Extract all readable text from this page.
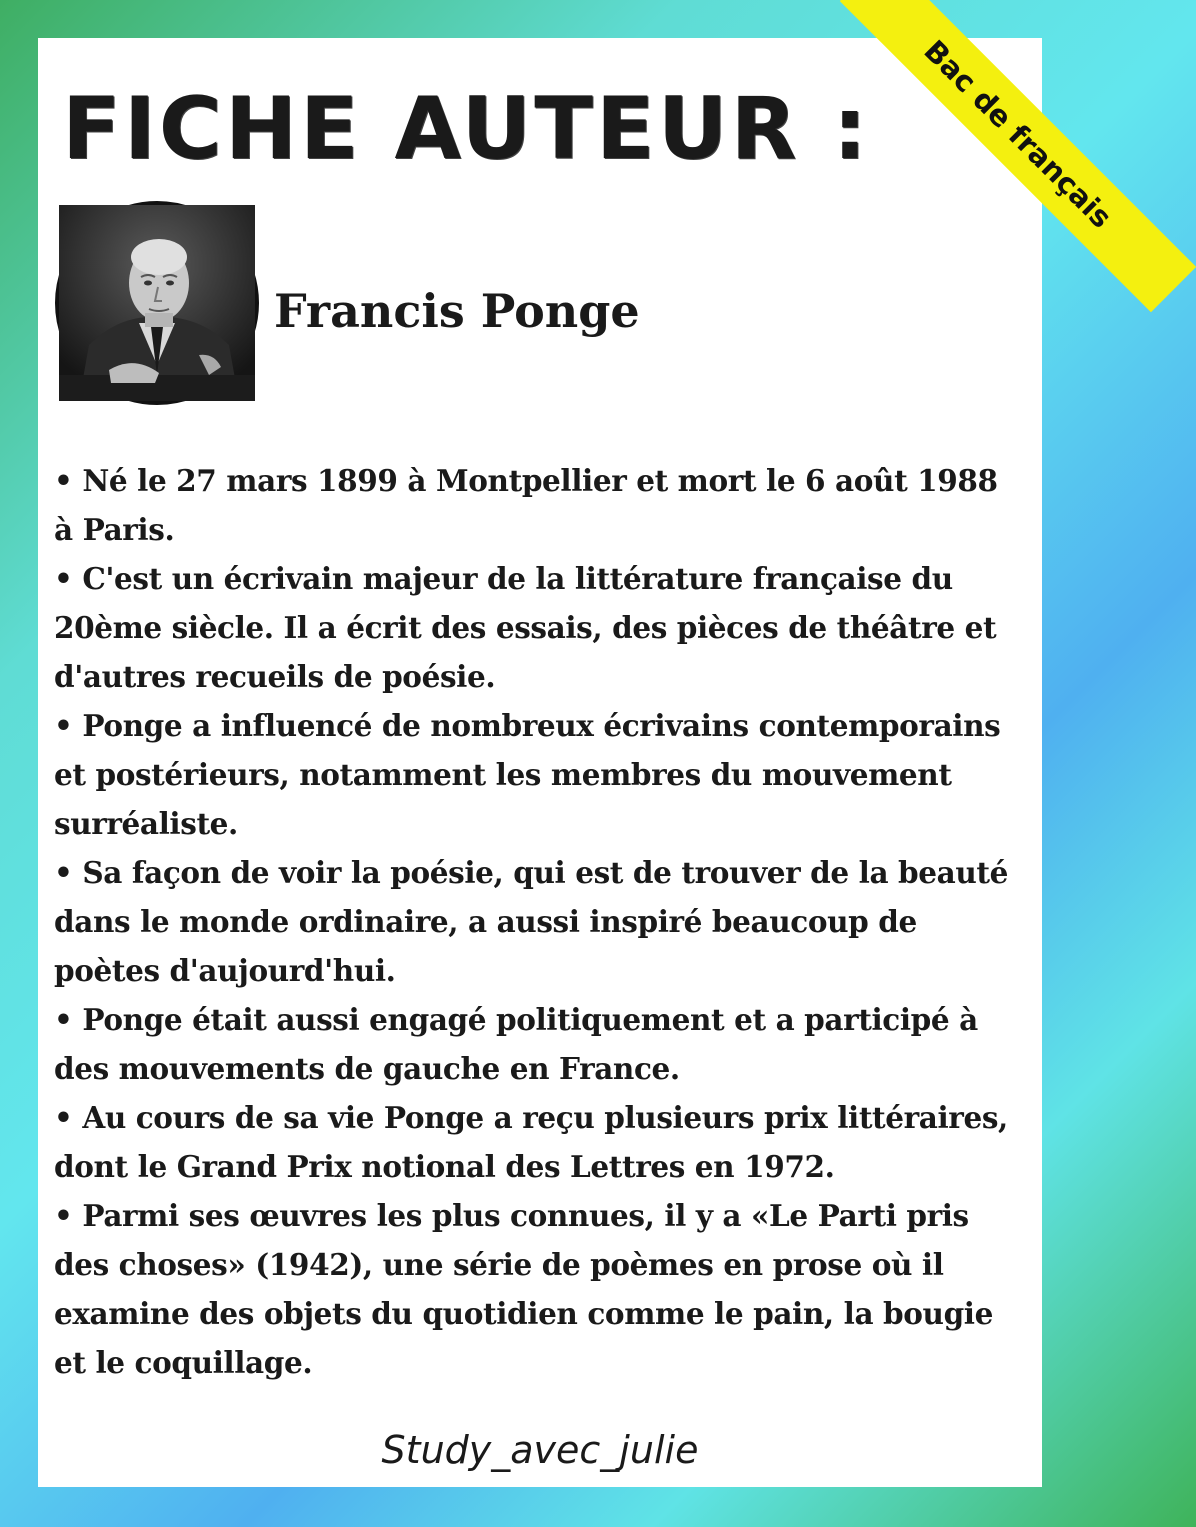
FICHE AUTEUR :	Bac de français
Francis Ponge
• Né le 27 mars 1899 à Montpellier et mort le 6 août 1988 à Paris.
• C'est un écrivain majeur de la littérature française du 20ème siècle. Il a écrit des essais, des pièces de théâtre et d'autres recueils de poésie.
• Ponge a influencé de nombreux écrivains contemporains et postérieurs, notamment les membres du mouvement surréaliste.
• Sa façon de voir la poésie, qui est de trouver de la beauté dans le monde ordinaire, a aussi inspiré beaucoup de poètes d'aujourd'hui.
• Ponge était aussi engagé politiquement et a participé à des mouvements de gauche en France.
• Au cours de sa vie Ponge a reçu plusieurs prix littéraires, dont le Grand Prix notional des Lettres en 1972.
• Parmi ses œuvres les plus connues, il y a «Le Parti pris des choses» (1942), une série de poèmes en prose où il examine des objets du quotidien comme le pain, la bougie et le coquillage.
Study_avec_julie
